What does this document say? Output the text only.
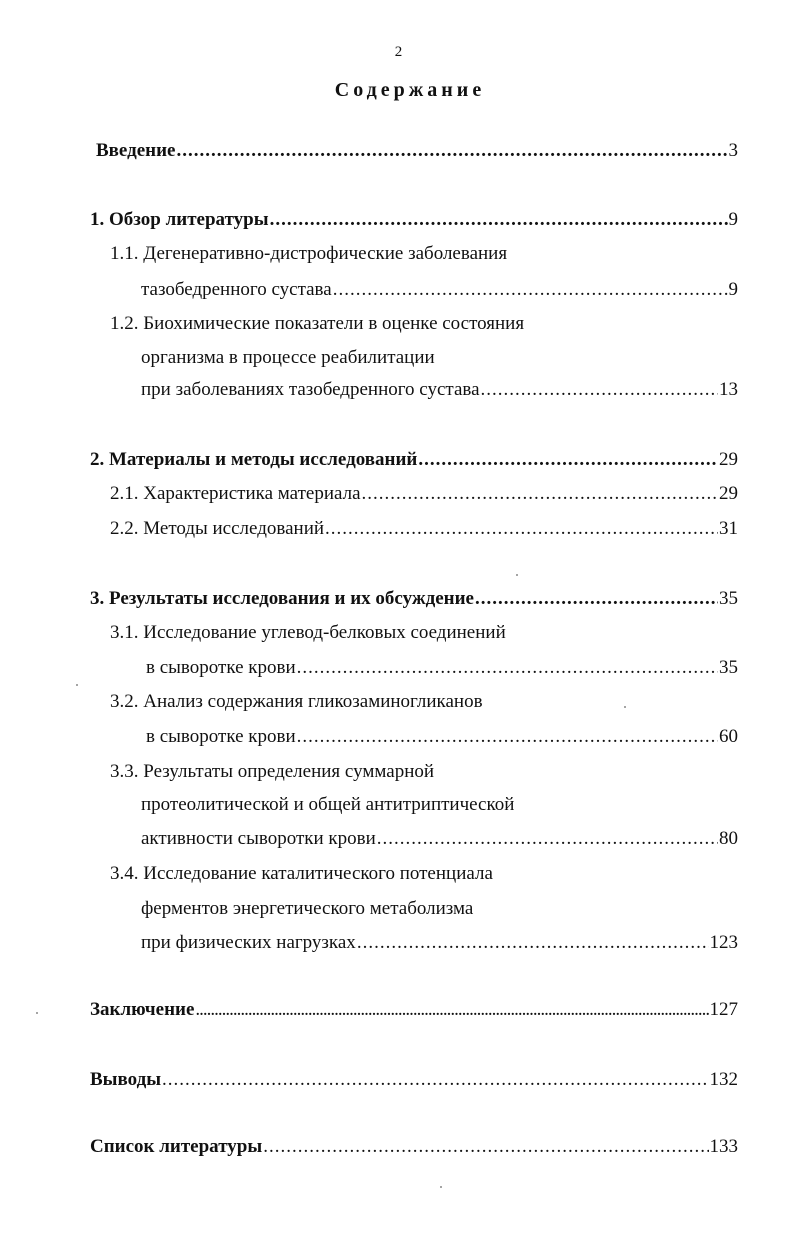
2
Содержание
Введение .....	3
1. Обзор литературы .....	9
1.1. Дегенеративно-дистрофические заболевания
тазобедренного сустава .....	9
1.2. Биохимические показатели в оценке состояния
организма в процессе реабилитации
при заболеваниях тазобедренного сустава .....	13
2. Материалы и методы исследований .....	29
2.1. Характеристика материала .....	29
2.2. Методы исследований .....	31
3. Результаты исследования и их обсуждение .....	35
3.1. Исследование углевод-белковых соединений
в сыворотке крови .....	35
3.2. Анализ содержания гликозаминогликанов
в сыворотке крови .....	60
3.3. Результаты определения суммарной
протеолитической и общей антитриптической
активности сыворотки крови .....	80
3.4. Исследование каталитического потенциала
ферментов энергетического метаболизма
при физических нагрузках .....	123
Заключение .....	127
Выводы .....	132
Список литературы .....	133
